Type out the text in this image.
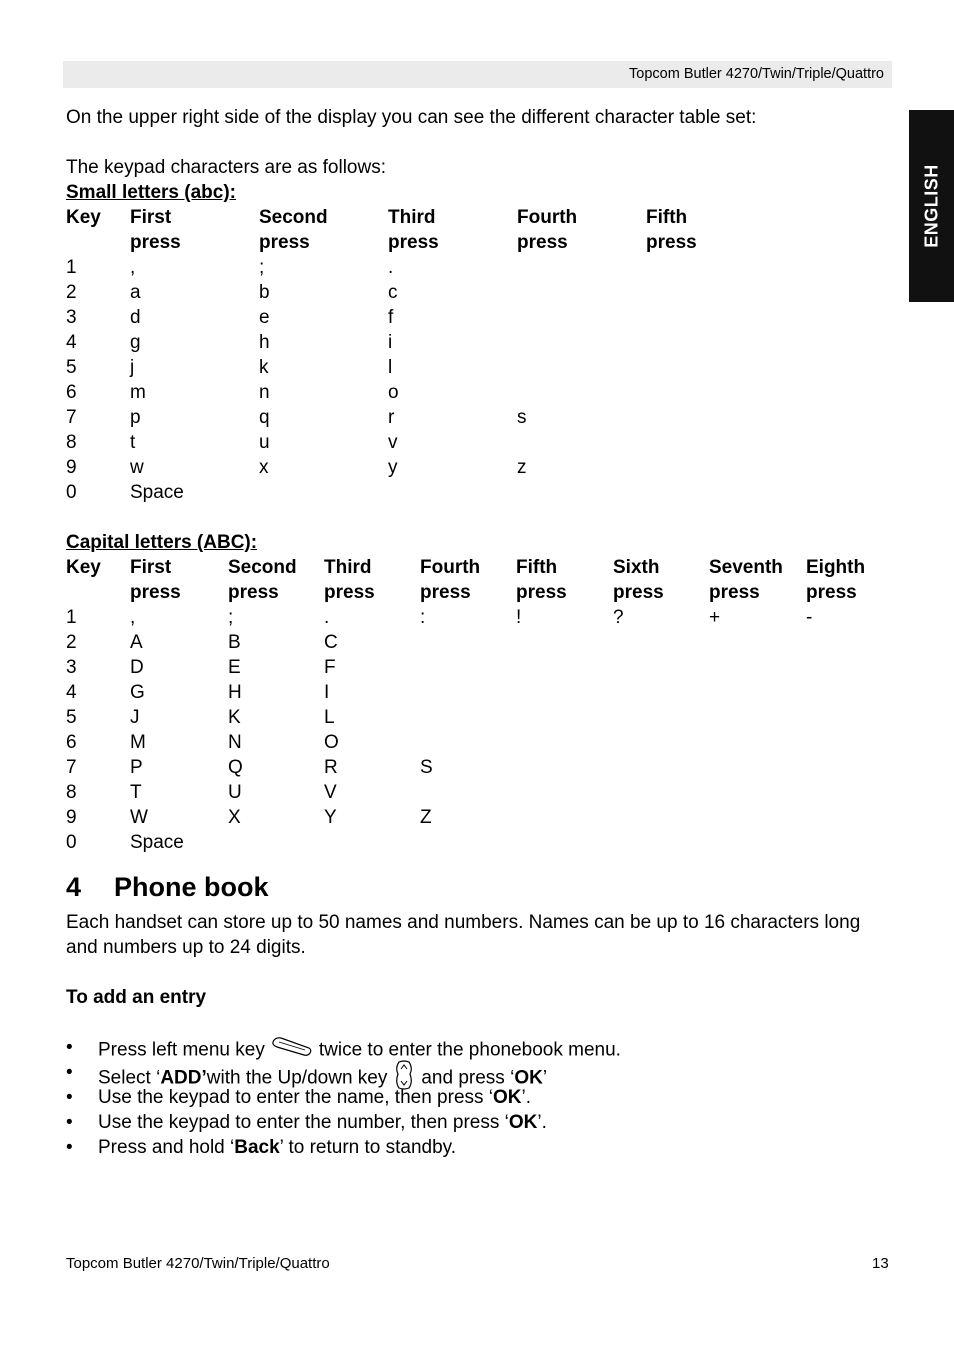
Topcom Butler 4270/Twin/Triple/Quattro
ENGLISH

On the upper right side of the display you can see the different character table set:

The keypad characters are as follows:

Small letters (abc):

Key	First	Second	Third	Fourth	Fifth
press	press	press	press	press
1	,	;	.
2	a	b	c
3	d	e	f
4	g	h	i
5	j	k	l
6	m	n	o
7	p	q	r	s
8	t	u	v
9	w	x	y	z
0	Space

Capital letters (ABC):

Key	First	Second	Third	Fourth	Fifth	Sixth	Seventh	Eighth
press	press	press	press	press	press	press	press
1	,	;	.	:	!	?	+	-
2	A	B	C
3	D	E	F
4	G	H	I
5	J	K	L
6	M	N	O
7	P	Q	R	S
8	T	U	V
9	W	X	Y	Z
0	Space
4 Phone book

Each handset can store up to 50 names and numbers. Names can be up to 16 characters long and numbers up to 24 digits.

To add an entry

• Press left menu key	twice to enter the phonebook menu.
• Select ‘ADD’with the Up/down key and press ‘OK’
• Use the keypad to enter the name, then press ‘OK’.
• Use the keypad to enter the number, then press ‘OK’.
• Press and hold ‘Back’ to return to standby.
Topcom Butler 4270/Twin/Triple/Quattro	13
